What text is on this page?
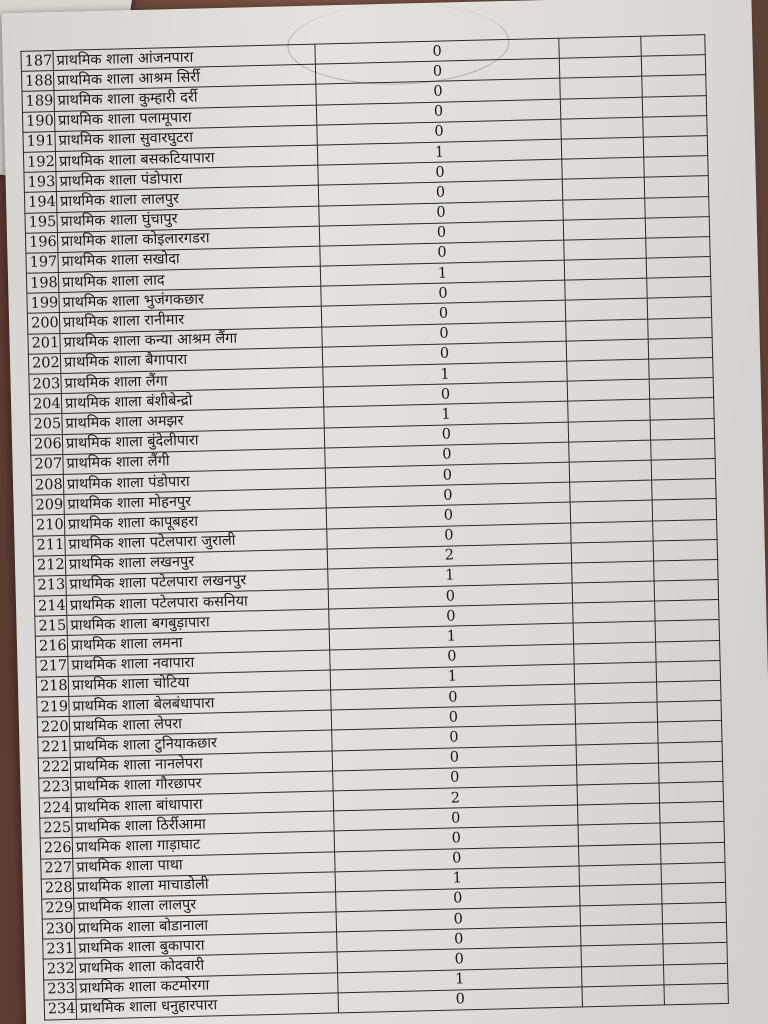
187	प्राथमिक शाला आंजनपारा	0		
188	प्राथमिक शाला आश्रम सिर्री	0		
189	प्राथमिक शाला कुम्हारी दर्री	0		
190	प्राथमिक शाला पलामूपारा	0		
191	प्राथमिक शाला सुवारघुटरा	0		
192	प्राथमिक शाला बसकटियापारा	1		
193	प्राथमिक शाला पंडोपारा	0		
194	प्राथमिक शाला लालपुर	0		
195	प्राथमिक शाला घुंचापुर	0		
196	प्राथमिक शाला कोइलारगडरा	0		
197	प्राथमिक शाला सखोदा	0		
198	प्राथमिक शाला लाद	1		
199	प्राथमिक शाला भुजंगकछार	0		
200	प्राथमिक शाला रानीमार	0		
201	प्राथमिक शाला कन्या आश्रम लैंगा	0		
202	प्राथमिक शाला बैगापारा	0		
203	प्राथमिक शाला लैंगा	1		
204	प्राथमिक शाला बंशीबेन्द्रो	0		
205	प्राथमिक शाला अमझर	1		
206	प्राथमिक शाला बुंदेलीपारा	0		
207	प्राथमिक शाला लैंगी	0		
208	प्राथमिक शाला पंडोपारा	0		
209	प्राथमिक शाला मोहनपुर	0		
210	प्राथमिक शाला कापूबहरा	0		
211	प्राथमिक शाला पटेलपारा जुराली	0		
212	प्राथमिक शाला लखनपुर	2		
213	प्राथमिक शाला पटेलपारा लखनपुर	1		
214	प्राथमिक शाला पटेलपारा कसनिया	0		
215	प्राथमिक शाला बगबुड़ापारा	0		
216	प्राथमिक शाला लमना	1		
217	प्राथमिक शाला नवापारा	0		
218	प्राथमिक शाला चोटिया	1		
219	प्राथमिक शाला बेलबंधापारा	0		
220	प्राथमिक शाला लेपरा	0		
221	प्राथमिक शाला टुनियाकछार	0		
222	प्राथमिक शाला नानलेपरा	0		
223	प्राथमिक शाला गौरछापर	0		
224	प्राथमिक शाला बांधापारा	2		
225	प्राथमिक शाला ठिर्रीआमा	0		
226	प्राथमिक शाला गाड़ाघाट	0		
227	प्राथमिक शाला पाथा	0		
228	प्राथमिक शाला माचाडोली	1		
229	प्राथमिक शाला लालपुर	0		
230	प्राथमिक शाला बोडानाला	0		
231	प्राथमिक शाला बुकापारा	0		
232	प्राथमिक शाला कोदवारी	0		
233	प्राथमिक शाला कटमोरगा	1		
234	प्राथमिक शाला धनुहारपारा	0		
